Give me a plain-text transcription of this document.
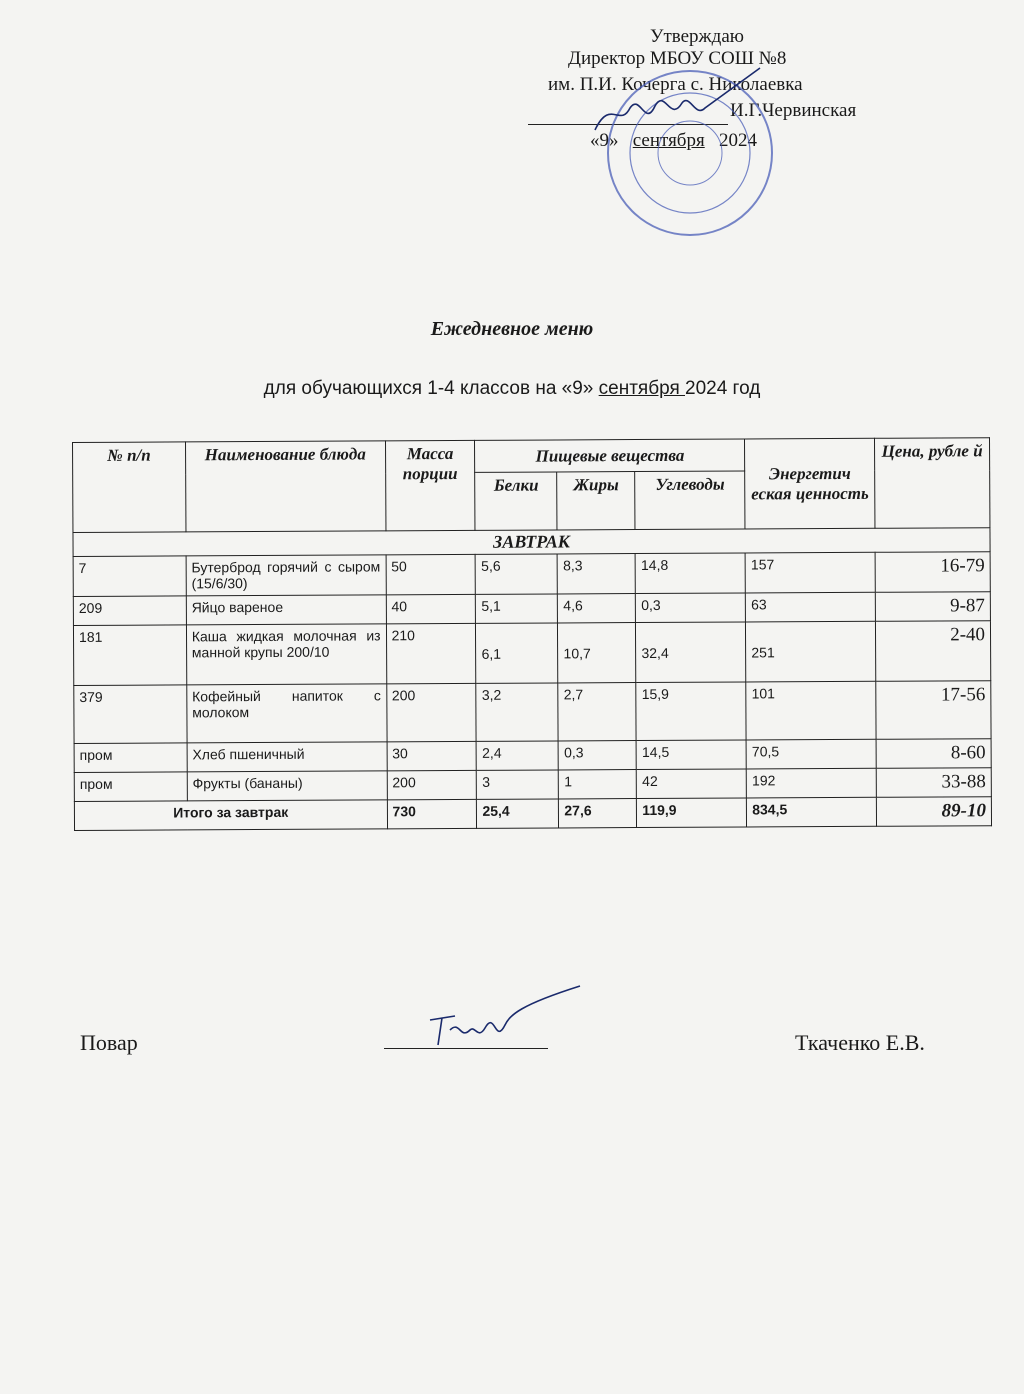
Утверждаю
Директор МБОУ СОШ №8
им. П.И. Кочерга с. Николаевка
И.Г.Червинская
«9» сентября 2024
Ежедневное меню
для обучающихся 1-4 классов на «9» сентября 2024 год
№ п/п	Наименование блюда	Масса порции	Пищевые вещества			Энергетич еская ценность	Цена, рубле й
			Белки	Жиры	Углеводы		
ЗАВТРАК							
7	Бутерброд горячий с сыром (15/6/30)	50	5,6	8,3	14,8	157	16-79
209	Яйцо вареное	40	5,1	4,6	0,3	63	9-87
181	Каша жидкая молочная из манной крупы 200/10	210	6,1	10,7	32,4	251	2-40
379	Кофейный напиток с молоком	200	3,2	2,7	15,9	101	17-56
пром	Хлеб пшеничный	30	2,4	0,3	14,5	70,5	8-60
пром	Фрукты (бананы)	200	3	1	42	192	33-88
Итого за завтрак		730	25,4	27,6	119,9	834,5	89-10
Повар	Ткаченко Е.В.
